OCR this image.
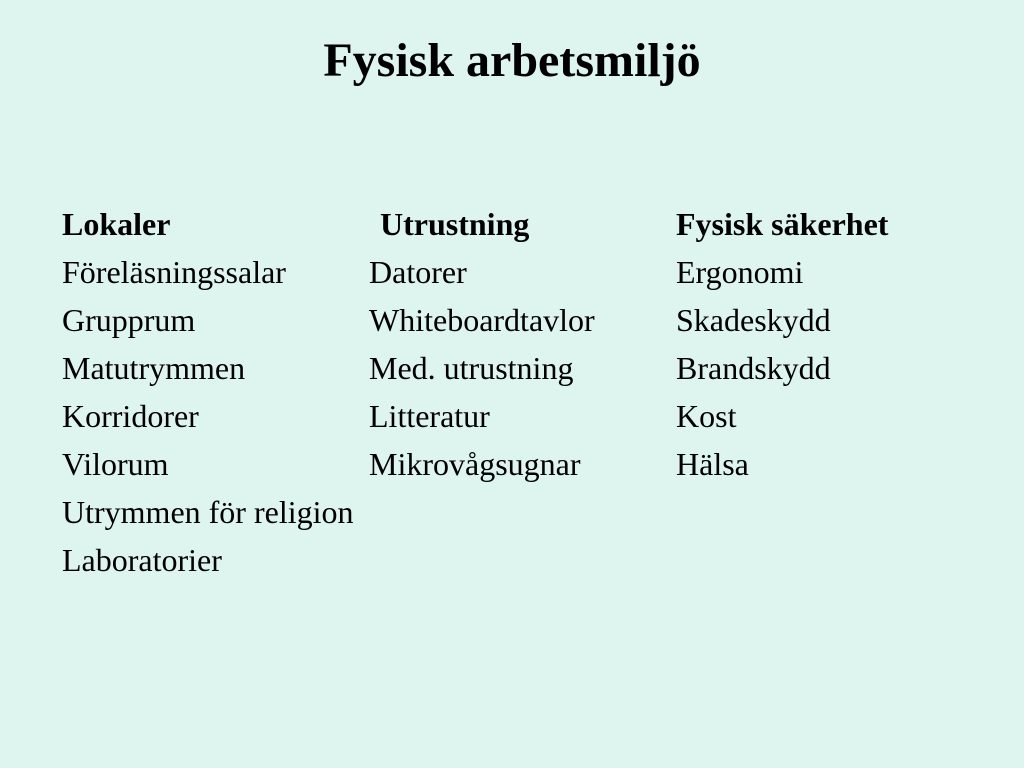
Fysisk arbetsmiljö
Lokaler
Föreläsningssalar
Grupprum
Matutrymmen
Korridorer
Vilorum
Utrymmen för religion
Laboratorier
Utrustning
Datorer
Whiteboardtavlor
Med. utrustning
Litteratur
Mikrovågsugnar
Fysisk säkerhet
Ergonomi
Skadeskydd
Brandskydd
Kost
Hälsa
